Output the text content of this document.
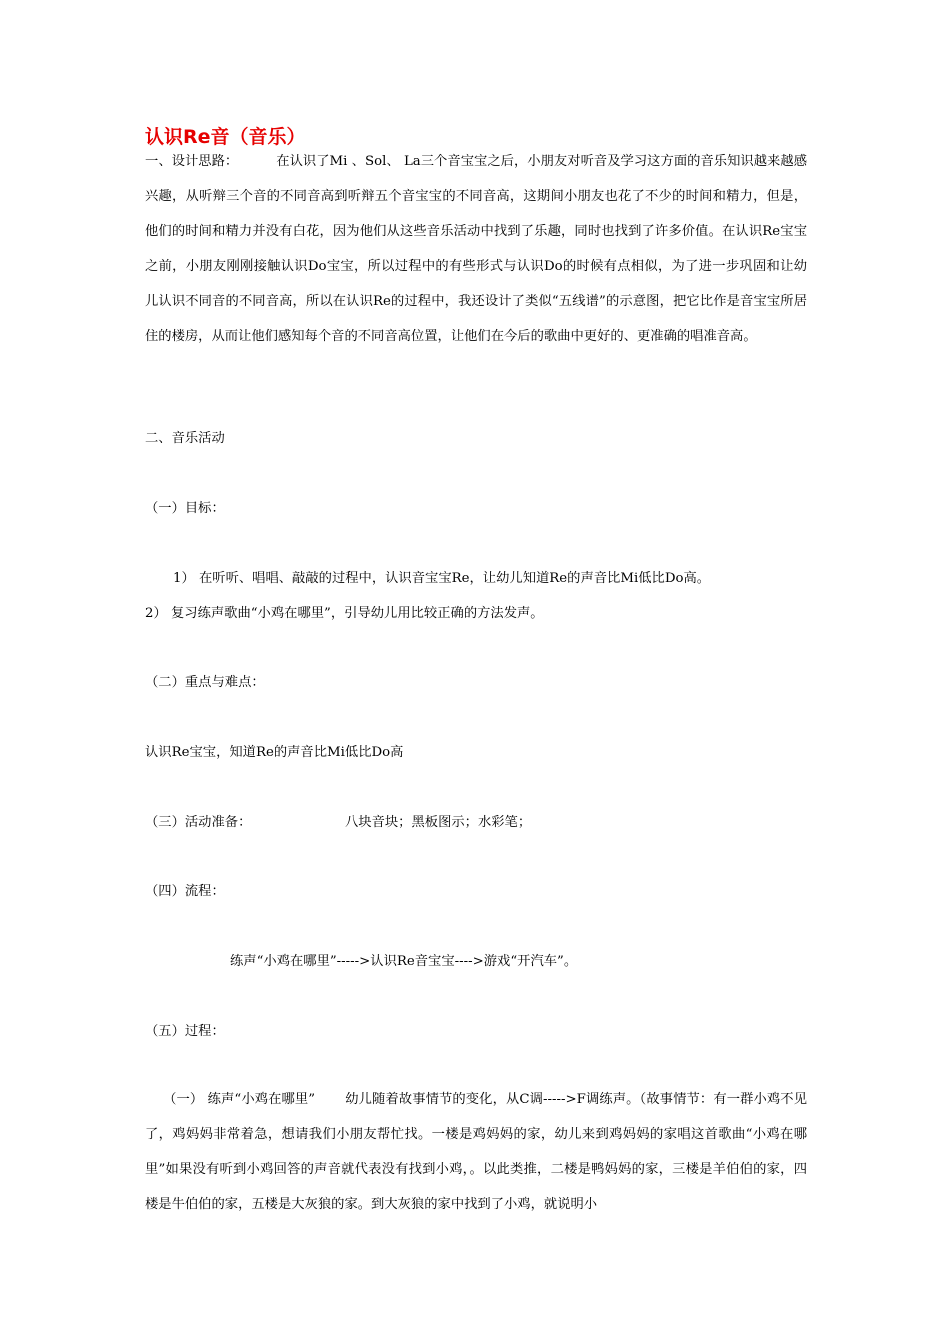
认识Re音（音乐）
一、设计思路：	在认识了Mi 、Sol、 La三个音宝宝之后，小朋友对听音及学习这方面的音乐知识越来越感兴趣，从听辩三个音的不同音高到听辩五个音宝宝的不同音高，这期间小朋友也花了不少的时间和精力，但是，他们的时间和精力并没有白花，因为他们从这些音乐活动中找到了乐趣，同时也找到了许多价值。在认识Re宝宝之前，小朋友刚刚接触认识Do宝宝，所以过程中的有些形式与认识Do的时候有点相似，为了进一步巩固和让幼儿认识不同音的不同音高，所以在认识Re的过程中，我还设计了类似“五线谱”的示意图，把它比作是音宝宝所居住的楼房，从而让他们感知每个音的不同音高位置，让他们在今后的歌曲中更好的、更准确的唱准音高。
二、音乐活动
（一）目标：
1） 在听听、唱唱、敲敲的过程中，认识音宝宝Re，让幼儿知道Re的声音比Mi低比Do高。
2） 复习练声歌曲“小鸡在哪里”，引导幼儿用比较正确的方法发声。
（二）重点与难点：
认识Re宝宝，知道Re的声音比Mi低比Do高
（三）活动准备：	八块音块；黑板图示；水彩笔；
（四）流程：
练声“小鸡在哪里”----->认识Re音宝宝---->游戏“开汽车”。
（五）过程：
（一） 练声“小鸡在哪里” 幼儿随着故事情节的变化，从C调----->F调练声。（故事情节：有一群小鸡不见了，鸡妈妈非常着急，想请我们小朋友帮忙找。一楼是鸡妈妈的家，幼儿来到鸡妈妈的家唱这首歌曲“小鸡在哪里”如果没有听到小鸡回答的声音就代表没有找到小鸡，。以此类推，二楼是鸭妈妈的家，三楼是羊伯伯的家，四楼是牛伯伯的家，五楼是大灰狼的家。到大灰狼的家中找到了小鸡，就说明小
